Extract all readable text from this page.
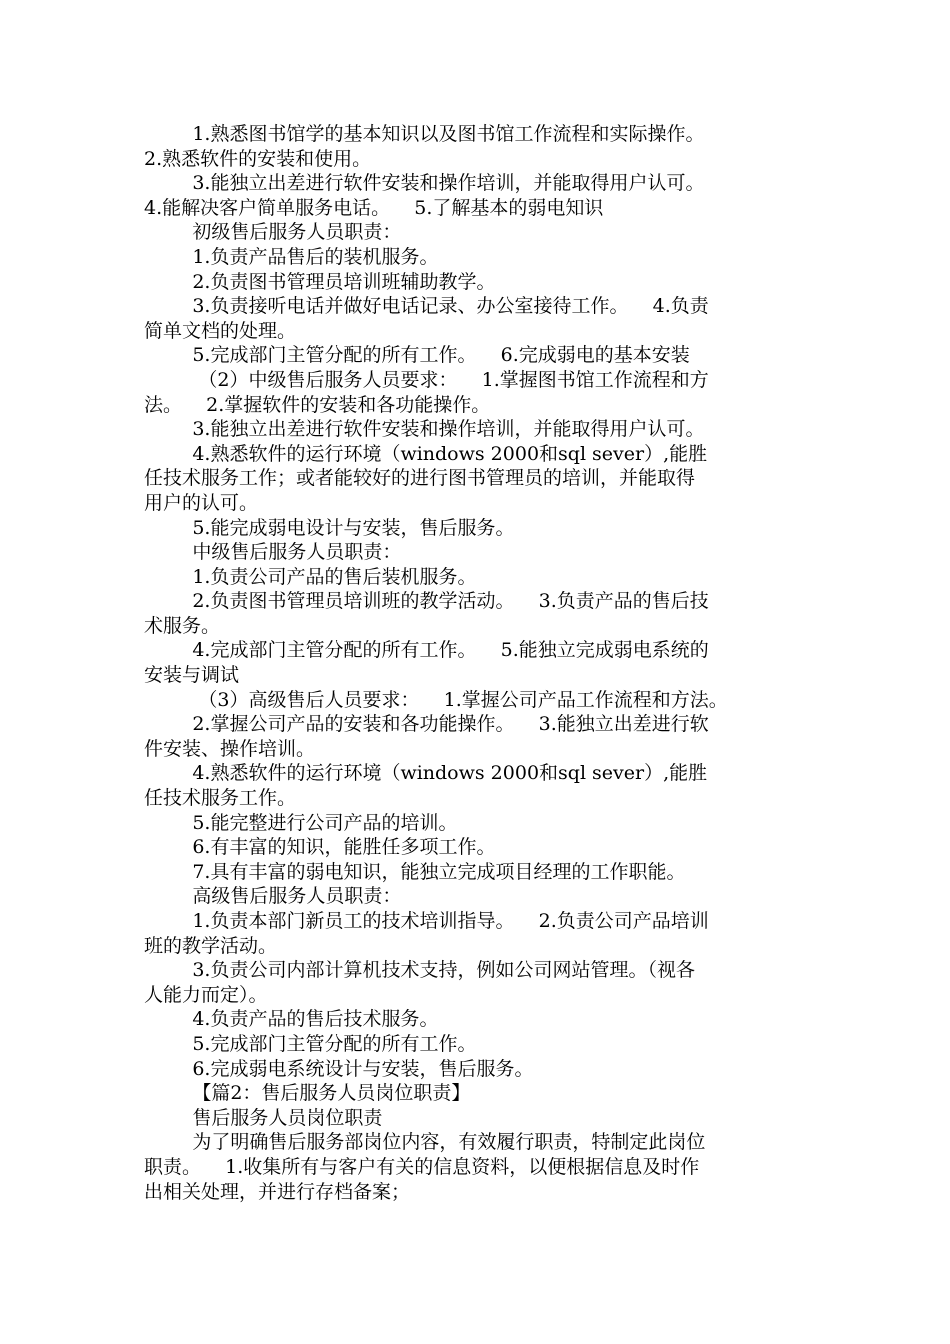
1.熟悉图书馆学的基本知识以及图书馆工作流程和实际操作。
2.熟悉软件的安装和使用。
3.能独立出差进行软件安装和操作培训，并能取得用户认可。
4.能解决客户简单服务电话。    5.了解基本的弱电知识
初级售后服务人员职责：
1.负责产品售后的装机服务。
2.负责图书管理员培训班辅助教学。
3.负责接听电话并做好电话记录、办公室接待工作。    4.负责
简单文档的处理。
5.完成部门主管分配的所有工作。    6.完成弱电的基本安装
（2）中级售后服务人员要求：    1.掌握图书馆工作流程和方
法。    2.掌握软件的安装和各功能操作。
3.能独立出差进行软件安装和操作培训，并能取得用户认可。
4.熟悉软件的运行环境（windows 2000和sql sever）,能胜
任技术服务工作；或者能较好的进行图书管理员的培训，并能取得
用户的认可。
5.能完成弱电设计与安装，售后服务。
中级售后服务人员职责：
1.负责公司产品的售后装机服务。
2.负责图书管理员培训班的教学活动。    3.负责产品的售后技
术服务。
4.完成部门主管分配的所有工作。    5.能独立完成弱电系统的
安装与调试
（3）高级售后人员要求：    1.掌握公司产品工作流程和方法。
2.掌握公司产品的安装和各功能操作。    3.能独立出差进行软
件安装、操作培训。
4.熟悉软件的运行环境（windows 2000和sql sever）,能胜
任技术服务工作。
5.能完整进行公司产品的培训。
6.有丰富的知识，能胜任多项工作。
7.具有丰富的弱电知识，能独立完成项目经理的工作职能。
高级售后服务人员职责：
1.负责本部门新员工的技术培训指导。    2.负责公司产品培训
班的教学活动。
3.负责公司内部计算机技术支持，例如公司网站管理。（视各
人能力而定）。
4.负责产品的售后技术服务。
5.完成部门主管分配的所有工作。
6.完成弱电系统设计与安装，售后服务。
【篇2：售后服务人员岗位职责】
售后服务人员岗位职责
为了明确售后服务部岗位内容，有效履行职责，特制定此岗位
职责。    1.收集所有与客户有关的信息资料，以便根据信息及时作
出相关处理，并进行存档备案；
